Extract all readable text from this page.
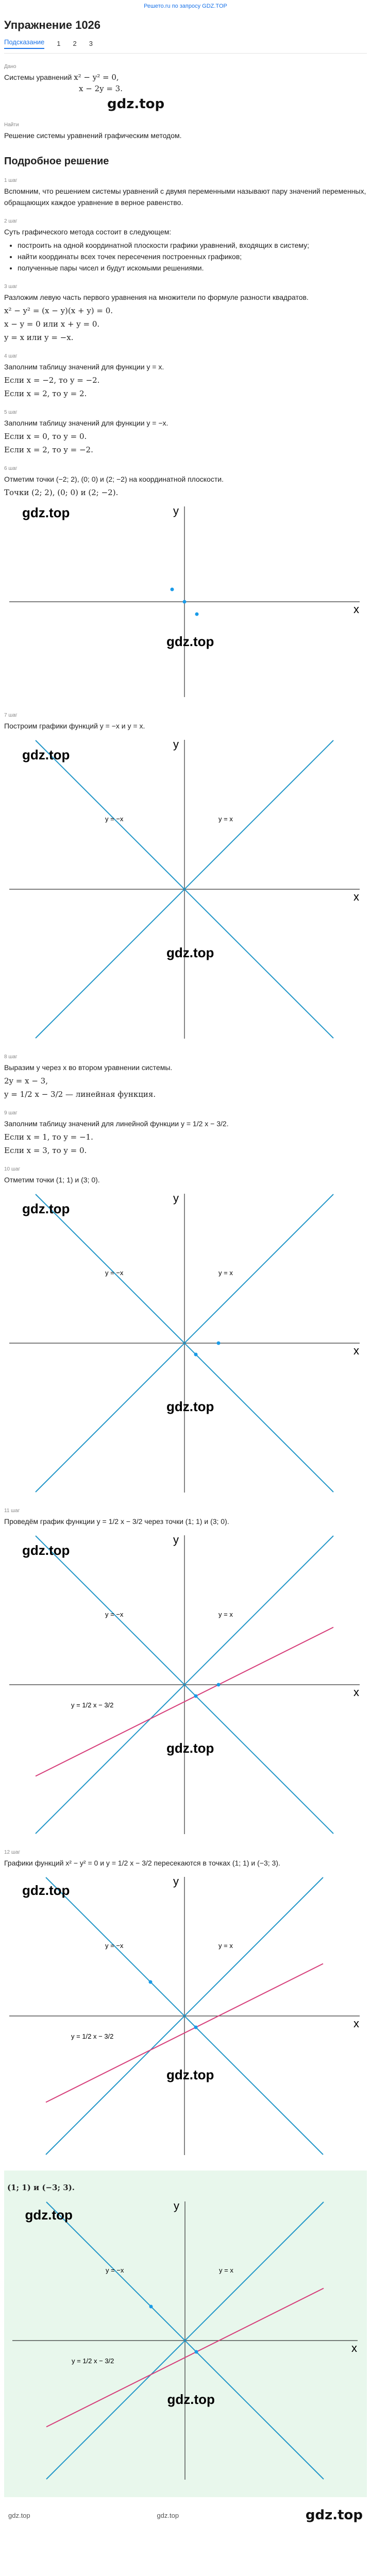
Решето.ru по запросу GDZ.TOP
Упражнение 1026
Подсказание 1 2 3
Дано
Системы уравнений x² − y² = 0,
x − 2y = 3.
gdz.top
Найти
Решение системы уравнений графическим методом.
Подробное решение
1 шаг
Вспомним, что решением системы уравнений с двумя переменными называют пару значений переменных, обращающих каждое уравнение в верное равенство.
2 шаг
Суть графического метода состоит в следующем:
• построить на одной координатной плоскости графики уравнений, входящих в систему;
• найти координаты всех точек пересечения построенных графиков;
• полученные пары чисел и будут искомыми решениями.
3 шаг
Разложим левую часть первого уравнения на множители по формуле разности квадратов.
x² − y² = (x − y)(x + y) = 0.
x − y = 0 или x + y = 0.
y = x или y = −x.
4 шаг
Заполним таблицу значений для функции y = x.
Если x = −2, то y = −2.
Если x = 2, то y = 2.
5 шаг
Заполним таблицу значений для функции y = −x.
Если x = 0, то y = 0.
Если x = 2, то y = −2.
6 шаг
Отметим точки (−2; 2), (0; 0) и (2; −2) на координатной плоскости.
Точки (2; 2), (0; 0) и (2; −2).
x
y
gdz.top
gdz.top
7 шаг
Построим графики функций y = −x и y = x.
x
y
y = x
y = −x
gdz.top
gdz.top
8 шаг
Выразим y через x во втором уравнении системы.
2y = x − 3,
y = 1/2 x − 3/2 — линейная функция.
9 шаг
Заполним таблицу значений для линейной функции y = 1/2 x − 3/2.
Если x = 1, то y = −1.
Если x = 3, то y = 0.
10 шаг
Отметим точки (1; 1) и (3; 0).
x
y
y = x
y = −x
gdz.top
gdz.top
11 шаг
Проведём график функции y = 1/2 x − 3/2 через точки (1; 1) и (3; 0).
x
y
y = x
y = −x
y = 1/2 x − 3/2
gdz.top
gdz.top
12 шаг
Графики функций x² − y² = 0 и y = 1/2 x − 3/2 пересекаются в точках (1; 1) и (−3; 3).
x
y
y = x
y = −x
y = 1/2 x − 3/2
gdz.top
gdz.top
(1; 1) и (−3; 3).
x
y
y = x
y = −x
y = 1/2 x − 3/2
gdz.top
gdz.top
gdz.top	gdz.top	gdz.top
